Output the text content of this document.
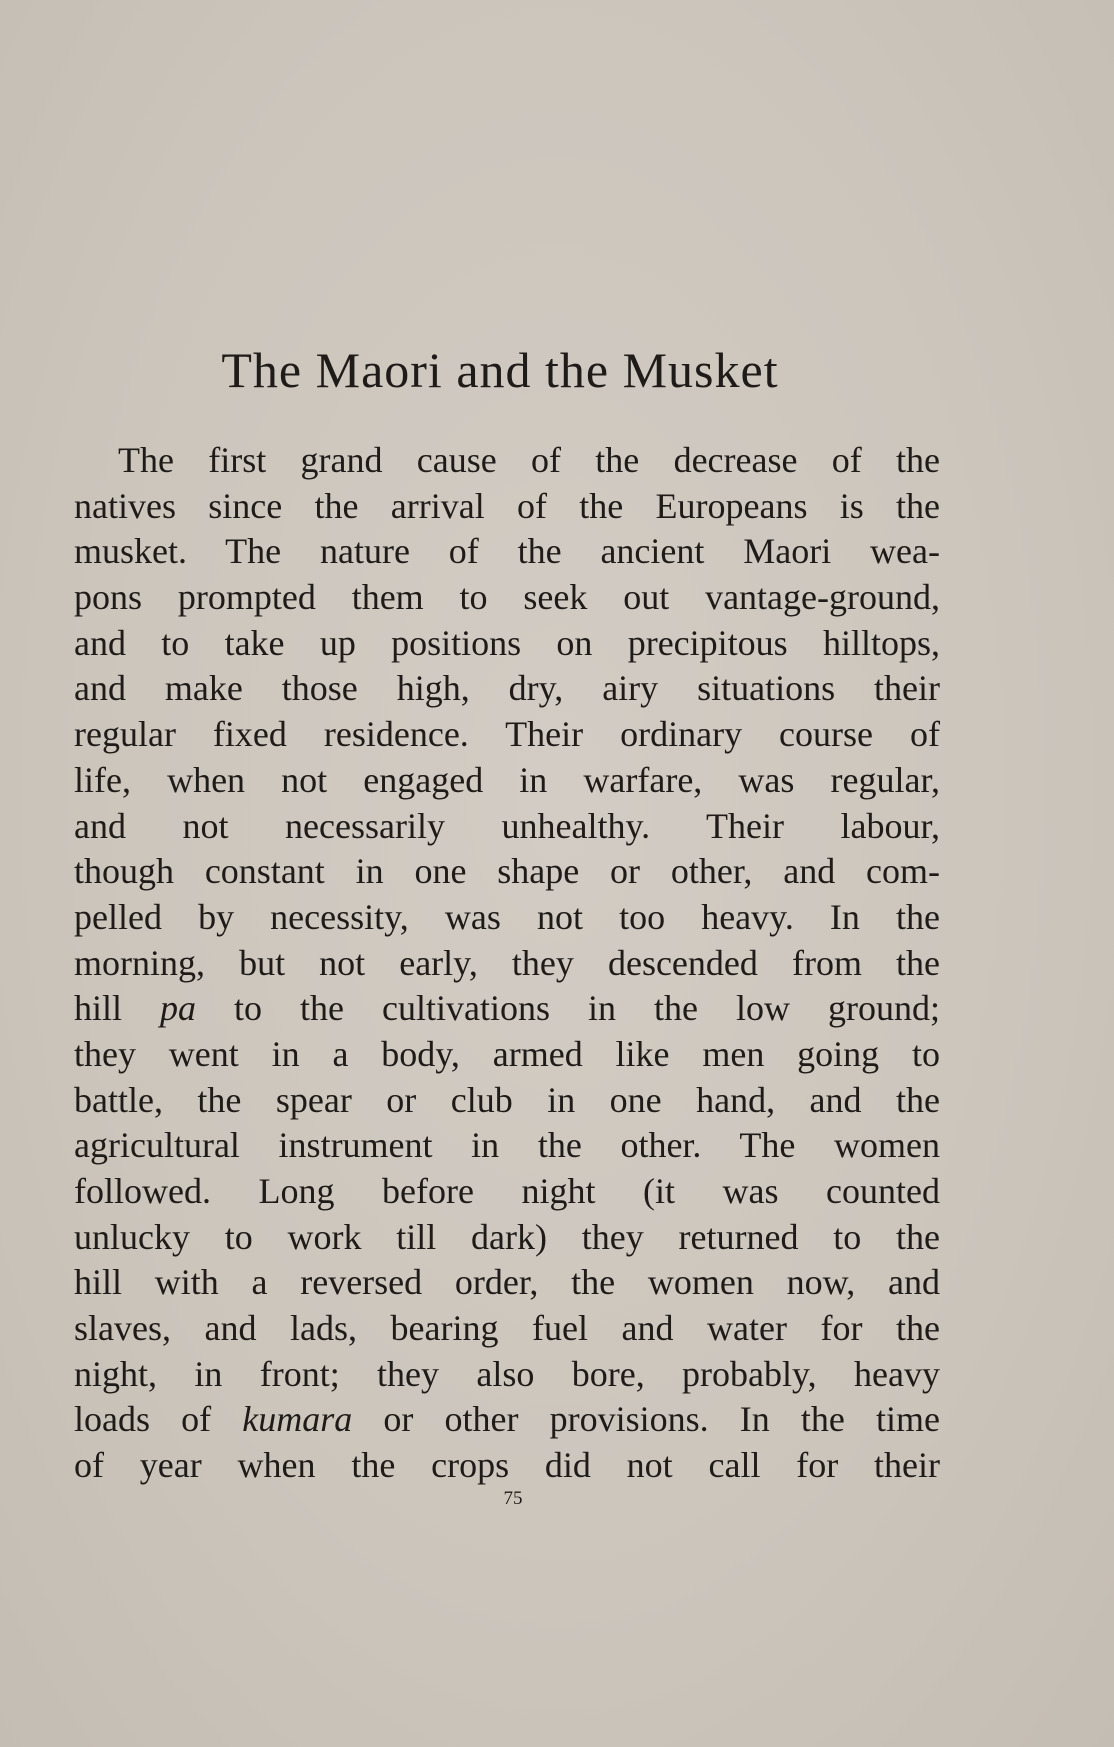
The Maori and the Musket
The first grand cause of the decrease of the
natives since the arrival of the Europeans is the
musket. The nature of the ancient Maori wea-
pons prompted them to seek out vantage-ground,
and to take up positions on precipitous hilltops,
and make those high, dry, airy situations their
regular fixed residence. Their ordinary course of
life, when not engaged in warfare, was regular,
and not necessarily unhealthy. Their labour,
though constant in one shape or other, and com-
pelled by necessity, was not too heavy. In the
morning, but not early, they descended from the
hill pa to the cultivations in the low ground;
they went in a body, armed like men going to
battle, the spear or club in one hand, and the
agricultural instrument in the other. The women
followed. Long before night (it was counted
unlucky to work till dark) they returned to the
hill with a reversed order, the women now, and
slaves, and lads, bearing fuel and water for the
night, in front; they also bore, probably, heavy
loads of kumara or other provisions. In the time
of year when the crops did not call for their
75
